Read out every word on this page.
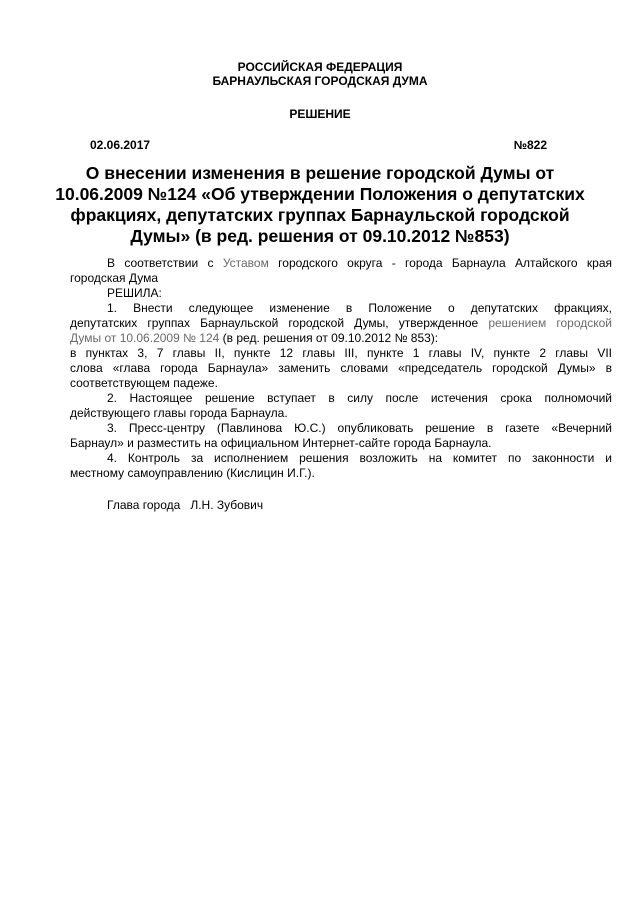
РОССИЙСКАЯ ФЕДЕРАЦИЯ
БАРНАУЛЬСКАЯ ГОРОДСКАЯ ДУМА
РЕШЕНИЕ
02.06.2017	№822
О внесении изменения в решение городской Думы от
10.06.2009 №124 «Об утверждении Положения о депутатских
фракциях, депутатских группах Барнаульской городской
Думы» (в ред. решения от 09.10.2012 №853)
В соответствии с Уставом городского округа - города Барнаула Алтайского края
городская Дума
РЕШИЛА:
1. Внести следующее изменение в Положение о депутатских фракциях,
депутатских группах Барнаульской городской Думы, утвержденное решением городской
Думы от 10.06.2009 № 124 (в ред. решения от 09.10.2012 № 853):
в пунктах 3, 7 главы II, пункте 12 главы III, пункте 1 главы IV, пункте 2 главы VII
слова «глава города Барнаула» заменить словами «председатель городской Думы» в
соответствующем падеже.
2. Настоящее решение вступает в силу после истечения срока полномочий
действующего главы города Барнаула.
3. Пресс-центру (Павлинова Ю.С.) опубликовать решение в газете «Вечерний
Барнаул» и разместить на официальном Интернет-сайте города Барнаула.
4. Контроль за исполнением решения возложить на комитет по законности и
местному самоуправлению (Кислицин И.Г.).
Глава города Л.Н. Зубович
